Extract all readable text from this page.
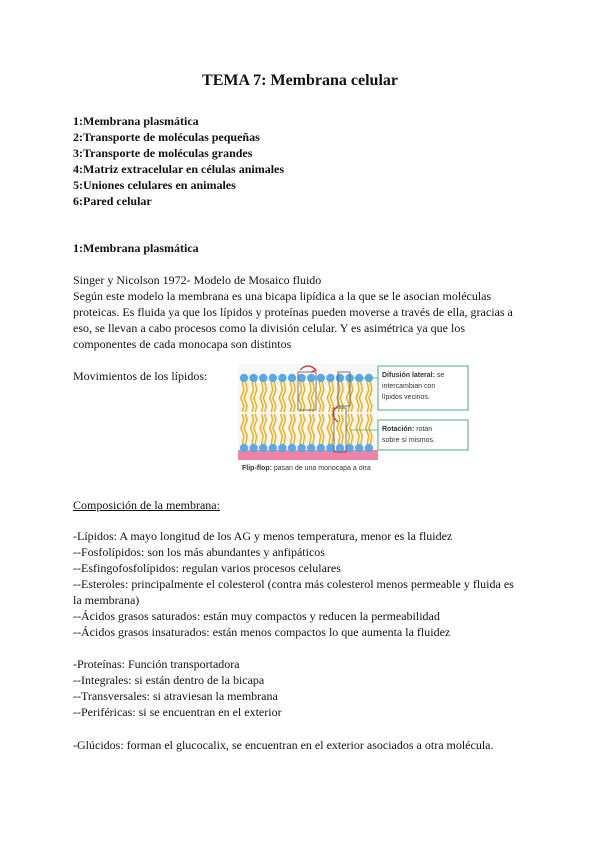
TEMA 7: Membrana celular
1:Membrana plasmática
2:Transporte de moléculas pequeñas
3:Transporte de moléculas grandes
4:Matriz extracelular en células animales
5:Uniones celulares en animales
6:Pared celular
1:Membrana plasmática
Singer y Nicolson 1972- Modelo de Mosaico fluido
Según este modelo la membrana es una bicapa lipídica a la que se le asocian moléculas
proteicas. Es fluida ya que los lípidos y proteínas pueden moverse a través de ella, gracias a
eso, se llevan a cabo procesos como la división celular. Y es asimétrica ya que los
componentes de cada monocapa son distintos
Movimientos de los lípidos:	Difusión lateral: se
intercambian con
lípidos vecinos.
Rotación: rotan
sobre sí mismos.
Flip-flop: pasan de una monocapa a otra
Composición de la membrana:
-Lípidos: A mayo longitud de los AG y menos temperatura, menor es la fluidez
--Fosfolípidos: son los más abundantes y anfipáticos
--Esfingofosfolípidos: regulan varios procesos celulares
--Esteroles: principalmente el colesterol (contra más colesterol menos permeable y fluida es
la membrana)
--Ácidos grasos saturados: están muy compactos y reducen la permeabilidad
--Ácidos grasos insaturados: están menos compactos lo que aumenta la fluidez
-Proteínas: Función transportadora
--Integrales: si están dentro de la bicapa
--Transversales: si atraviesan la membrana
--Periféricas: si se encuentran en el exterior
-Glúcidos: forman el glucocalix, se encuentran en el exterior asociados a otra molécula.
